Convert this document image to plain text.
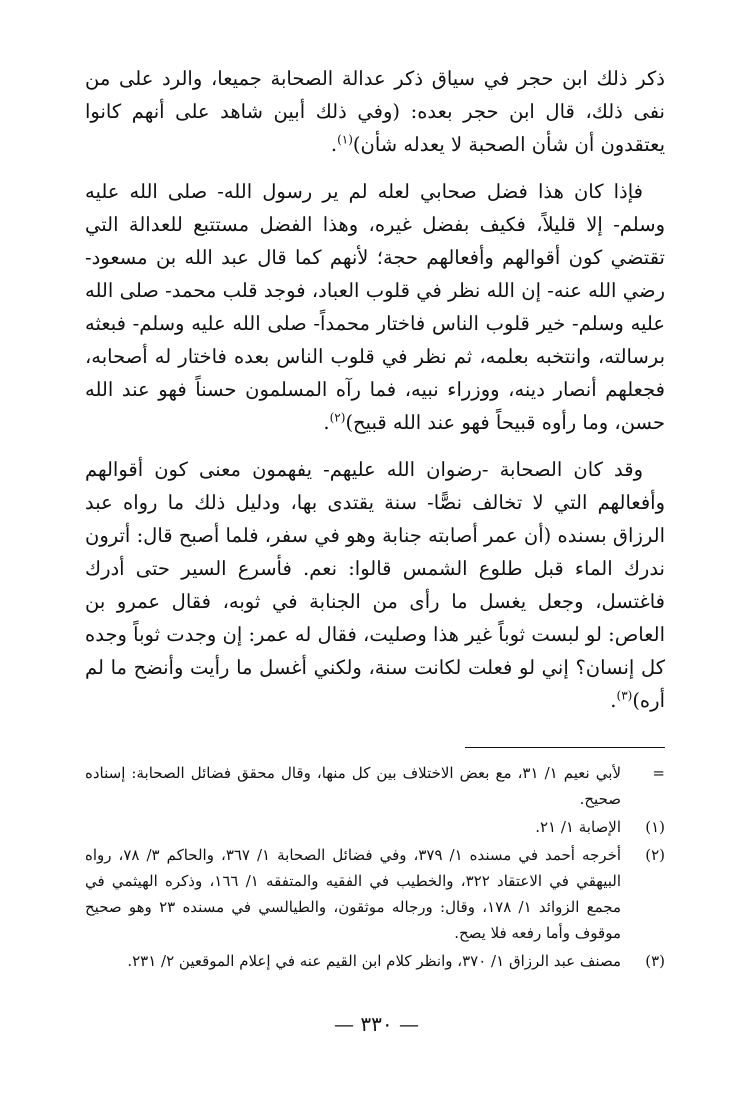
ذكر ذلك ابن حجر في سياق ذكر عدالة الصحابة جميعا، والرد على من نفى ذلك، قال ابن حجر بعده: (وفي ذلك أبين شاهد على أنهم كانوا يعتقدون أن شأن الصحبة لا يعدله شأن)$^{(١)}$.

فإذا كان هذا فضل صحابي لعله لم ير رسول الله- صلى الله عليه وسلم- إلا قليلاً، فكيف بفضل غيره، وهذا الفضل مستتبع للعدالة التي تقتضي كون أقوالهم وأفعالهم حجة؛ لأنهم كما قال عبد الله بن مسعود- رضي الله عنه- إن الله نظر في قلوب العباد، فوجد قلب محمد- صلى الله عليه وسلم- خير قلوب الناس فاختار محمداً- صلى الله عليه وسلم- فبعثه برسالته، وانتخبه بعلمه، ثم نظر في قلوب الناس بعده فاختار له أصحابه، فجعلهم أنصار دينه، ووزراء نبيه، فما رآه المسلمون حسناً فهو عند الله حسن، وما رأوه قبيحاً فهو عند الله قبيح)$^{(٢)}$.

وقد كان الصحابة -رضوان الله عليهم- يفهمون معنى كون أقوالهم وأفعالهم التي لا تخالف نصًّا- سنة يقتدى بها، ودليل ذلك ما رواه عبد الرزاق بسنده (أن عمر أصابته جنابة وهو في سفر، فلما أصبح قال: أترون ندرك الماء قبل طلوع الشمس قالوا: نعم. فأسرع السير حتى أدرك فاغتسل، وجعل يغسل ما رأى من الجنابة في ثوبه، فقال عمرو بن العاص: لو لبست ثوباً غير هذا وصليت، فقال له عمر: إن وجدت ثوباً وجده كل إنسان؟ إني لو فعلت لكانت سنة، ولكني أغسل ما رأيت وأنضح ما لم أره)$^{(٣)}$.

=
لأبي نعيم ١/ ٣١، مع بعض الاختلاف بين كل منها، وقال محقق فضائل الصحابة: إسناده صحيح.
(١)
الإصابة ١/ ٢١.
(٢)
أخرجه أحمد في مسنده ١/ ٣٧٩، وفي فضائل الصحابة ١/ ٣٦٧، والحاكم ٣/ ٧٨، رواه البيهقي في الاعتقاد ٣٢٢، والخطيب في الفقيه والمتفقه ١/ ١٦٦، وذكره الهيثمي في مجمع الزوائد ١/ ١٧٨، وقال: ورجاله موثقون، والطيالسي في مسنده ٢٣ وهو صحيح موقوف وأما رفعه فلا يصح.
(٣)
مصنف عبد الرزاق ١/ ٣٧٠، وانظر كلام ابن القيم عنه في إعلام الموقعين ٢/ ٢٣١.
— ٣٣٠ —
